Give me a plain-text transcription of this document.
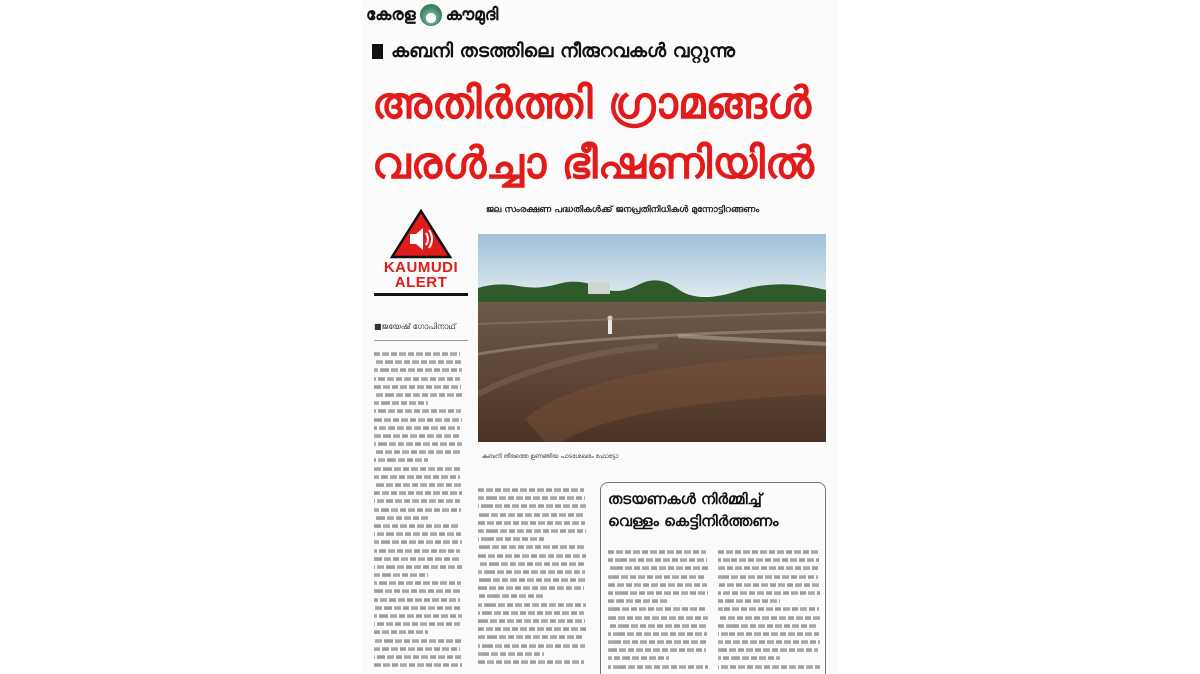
കേരള കൗമുദി
കബനി തടത്തിലെ നീരുറവകൾ വറ്റുന്നു
അതിർത്തി ഗ്രാമങ്ങൾ
വരൾച്ചാ ഭീഷണിയിൽ
KAUMUDI
ALERT
■ജയേഷ് ഗോപിനാഥ്
ജല സംരക്ഷണ പദ്ധതികൾക്ക് ജനപ്രതിനിധികൾ മുന്നോട്ടിറങ്ങണം
കബനി തീരത്തെ ഉണങ്ങിയ പാടശേഖരം ഫോട്ടോ
തടയണകൾ നിർമ്മിച്ച്
വെള്ളം കെട്ടിനിർത്തണം
